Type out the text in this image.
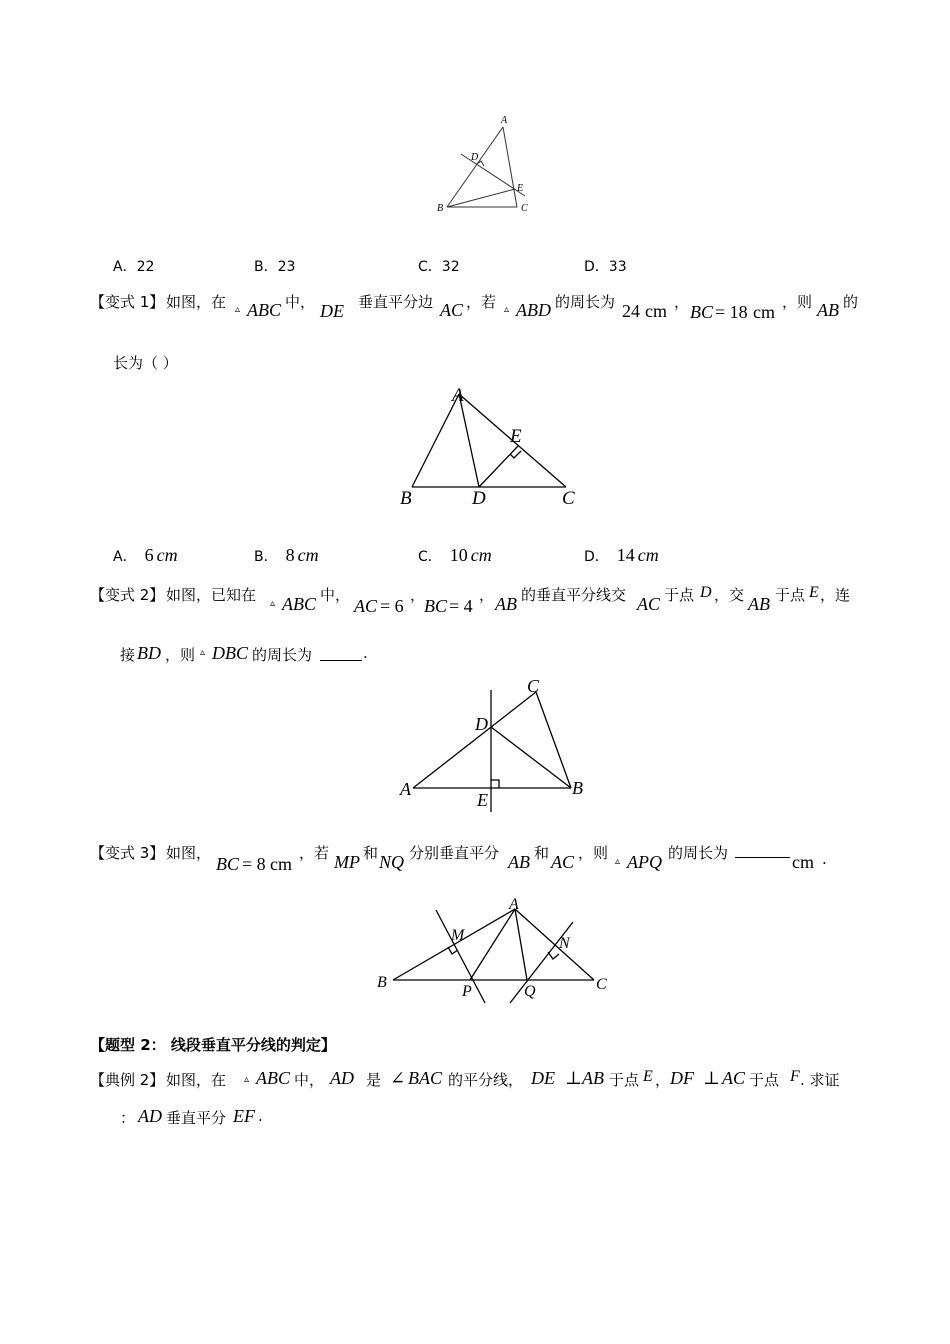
A
D
E
B	C
A．22	B．23	C．32	D．33
【变式 1】 如图，在 ▵ ABC 中， DE 垂直平分边 AC ，若 ▵ ABD 的周长为 24 cm ， BC = 18 cm ，则 AB 的
长为（ ）
A
E
B	D	C
A． 6 cm	B． 8 cm	C． 10 cm	D． 14 cm
【变式 2】 如图，已知在 ▵ ABC 中，
AC = 6
，
BC = 4
， AB 的垂直平分线交 AC 于点 D ，交 AB 于点 E ，连
接 BD ，则 ▵ DBC 的周长为	.
C
D
A
E
B
【变式 3】 如图，
BC = 8 cm
，若 MP 和 NQ 分别垂直平分 AB 和 AC ，则 ▵ APQ 的周长为	cm .
A
M	N
B
P	Q	C
【题型 2： 线段垂直平分线的判定】
【典例 2】 如图，在 ▵ ABC 中， AD 是 ∠ BAC 的平分线， DE ⊥ AB 于点 E ， DF ⊥ AC 于点 F . 求证
： AD 垂直平分 EF .
